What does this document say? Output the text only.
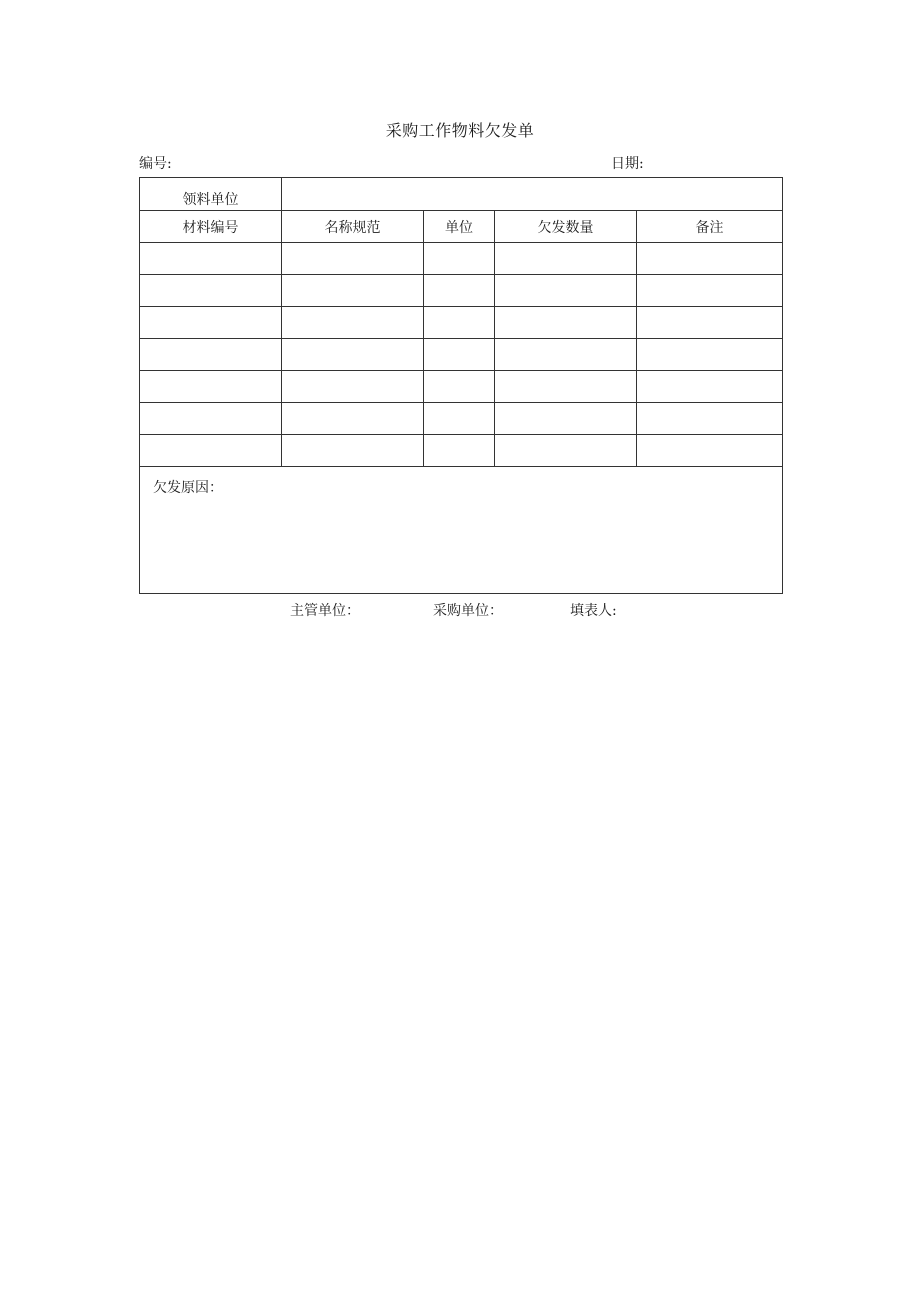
采购工作物料欠发单
编号:	日期:
领料单位				
材料编号	名称规范	单位	欠发数量	备注

欠发原因：				
主管单位：	采购单位：	填表人:
